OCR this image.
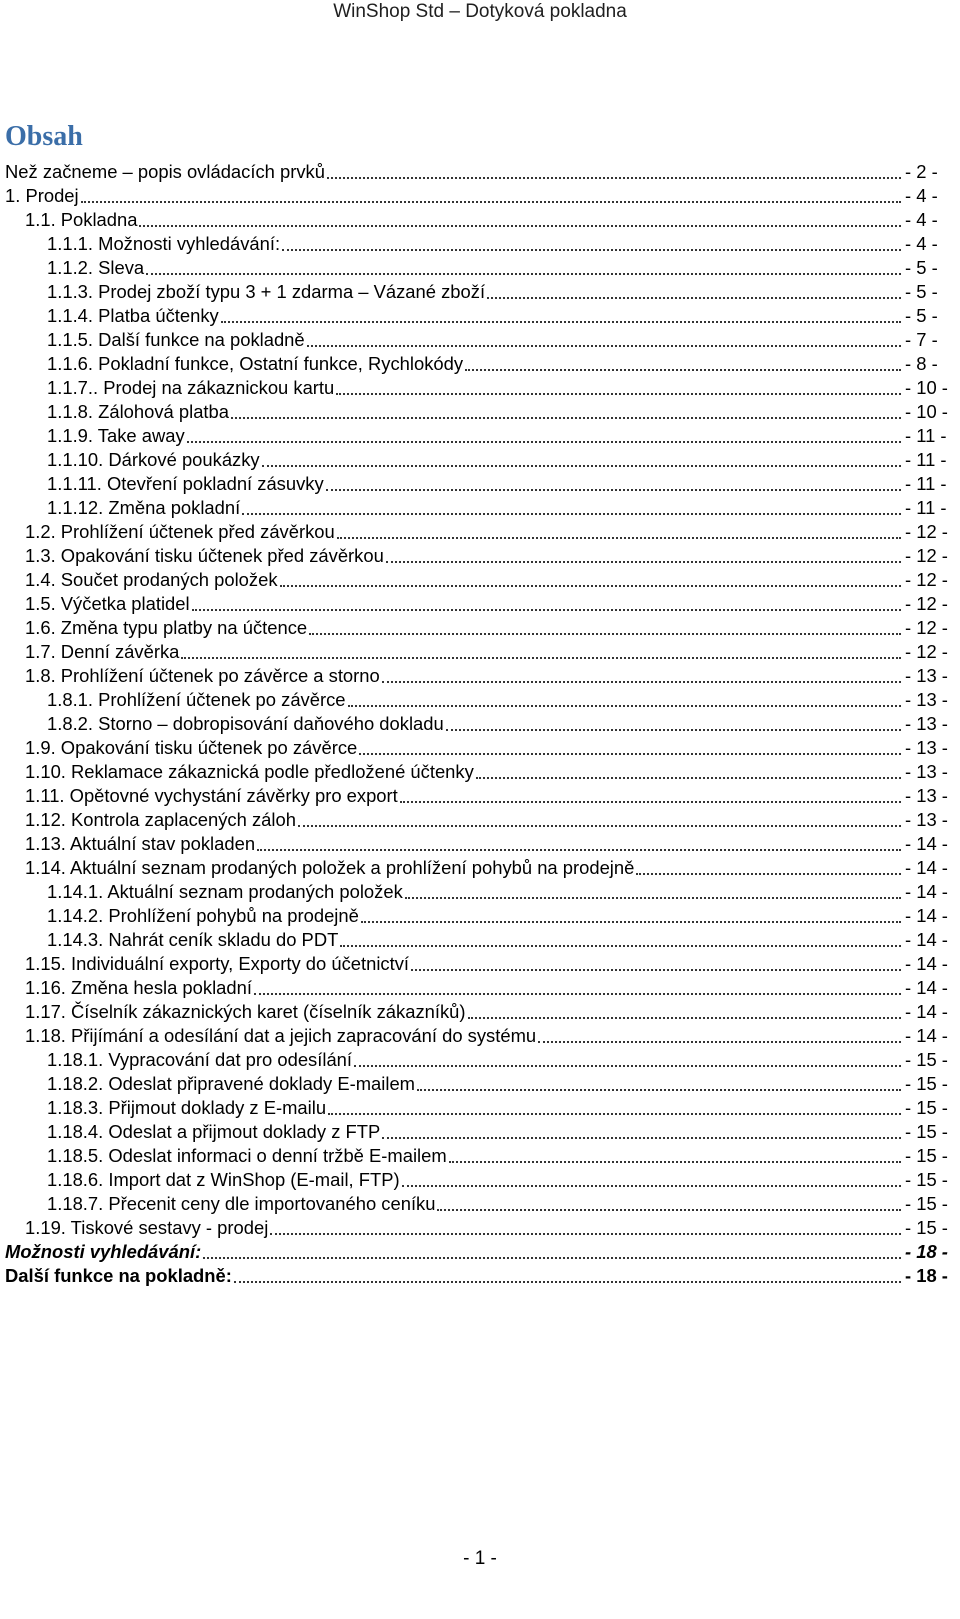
WinShop Std – Dotyková pokladna
Obsah
Než začneme – popis ovládacích prvků	- 2 -
1. Prodej	- 4 -
1.1. Pokladna	- 4 -
1.1.1. Možnosti vyhledávání:	- 4 -
1.1.2. Sleva	- 5 -
1.1.3. Prodej zboží typu 3 + 1 zdarma – Vázané zboží	- 5 -
1.1.4. Platba účtenky	- 5 -
1.1.5. Další funkce na pokladně	- 7 -
1.1.6. Pokladní funkce, Ostatní funkce, Rychlokódy	- 8 -
1.1.7.. Prodej na zákaznickou kartu	- 10 -
1.1.8. Zálohová platba	- 10 -
1.1.9. Take away	- 11 -
1.1.10. Dárkové poukázky	- 11 -
1.1.11. Otevření pokladní zásuvky	- 11 -
1.1.12. Změna pokladní	- 11 -
1.2. Prohlížení účtenek před závěrkou	- 12 -
1.3. Opakování tisku účtenek před závěrkou	- 12 -
1.4. Součet prodaných položek	- 12 -
1.5. Výčetka platidel	- 12 -
1.6. Změna typu platby na účtence	- 12 -
1.7. Denní závěrka	- 12 -
1.8. Prohlížení účtenek po závěrce a storno	- 13 -
1.8.1. Prohlížení účtenek po závěrce	- 13 -
1.8.2. Storno – dobropisování daňového dokladu	- 13 -
1.9. Opakování tisku účtenek po závěrce	- 13 -
1.10. Reklamace zákaznická podle předložené účtenky	- 13 -
1.11. Opětovné vychystání závěrky pro export	- 13 -
1.12. Kontrola zaplacených záloh	- 13 -
1.13. Aktuální stav pokladen	- 14 -
1.14. Aktuální seznam prodaných položek a prohlížení pohybů na prodejně	- 14 -
1.14.1. Aktuální seznam prodaných položek	- 14 -
1.14.2. Prohlížení pohybů na prodejně	- 14 -
1.14.3. Nahrát ceník skladu do PDT	- 14 -
1.15. Individuální exporty, Exporty do účetnictví	- 14 -
1.16. Změna hesla pokladní	- 14 -
1.17. Číselník zákaznických karet (číselník zákazníků)	- 14 -
1.18. Přijímání a odesílání dat a jejich zapracování do systému	- 14 -
1.18.1. Vypracování dat pro odesílání	- 15 -
1.18.2. Odeslat připravené doklady E-mailem	- 15 -
1.18.3. Přijmout doklady z E-mailu	- 15 -
1.18.4. Odeslat a přijmout doklady z FTP	- 15 -
1.18.5. Odeslat informaci o denní tržbě E-mailem	- 15 -
1.18.6. Import dat z WinShop (E-mail, FTP)	- 15 -
1.18.7. Přecenit ceny dle importovaného ceníku	- 15 -
1.19. Tiskové sestavy - prodej	- 15 -
Možnosti vyhledávání:	- 18 -
Další funkce na pokladně:	- 18 -
- 1 -
